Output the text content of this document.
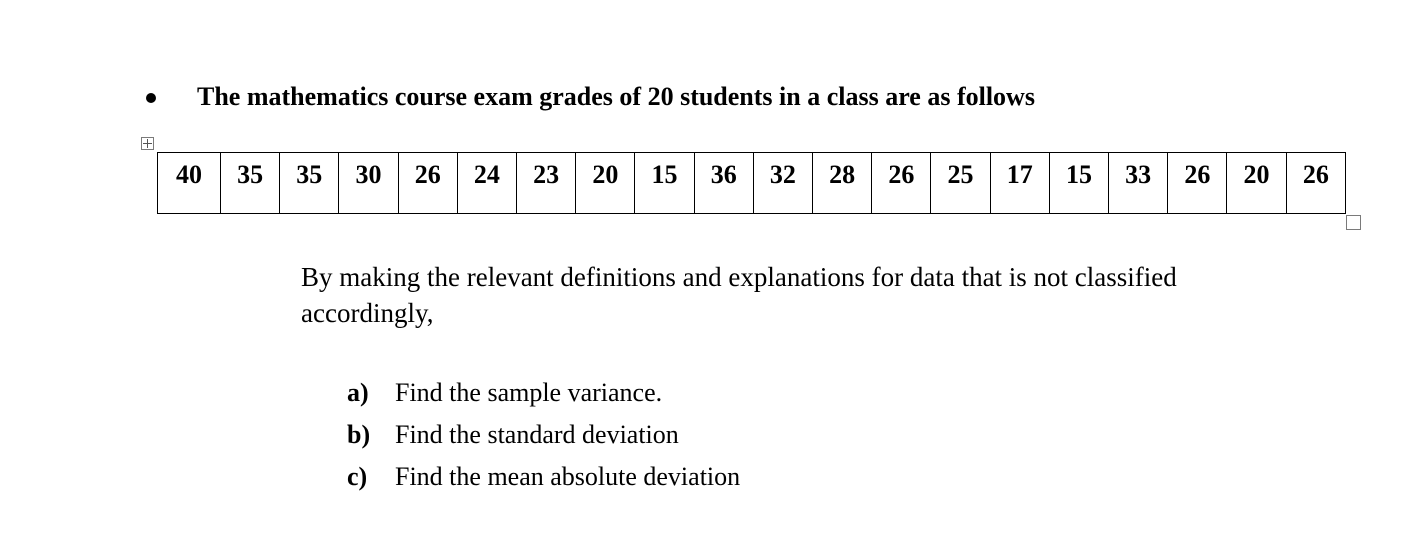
The mathematics course exam grades of 20 students in a class are as follows
40	35	35	30	26	24	23	20	15	36	32	28	26	25	17	15	33	26	20	26
By making the relevant definitions and explanations for data that is not classified accordingly,
a)	Find the sample variance.
b) Find the standard deviation
c)	Find the mean absolute deviation
